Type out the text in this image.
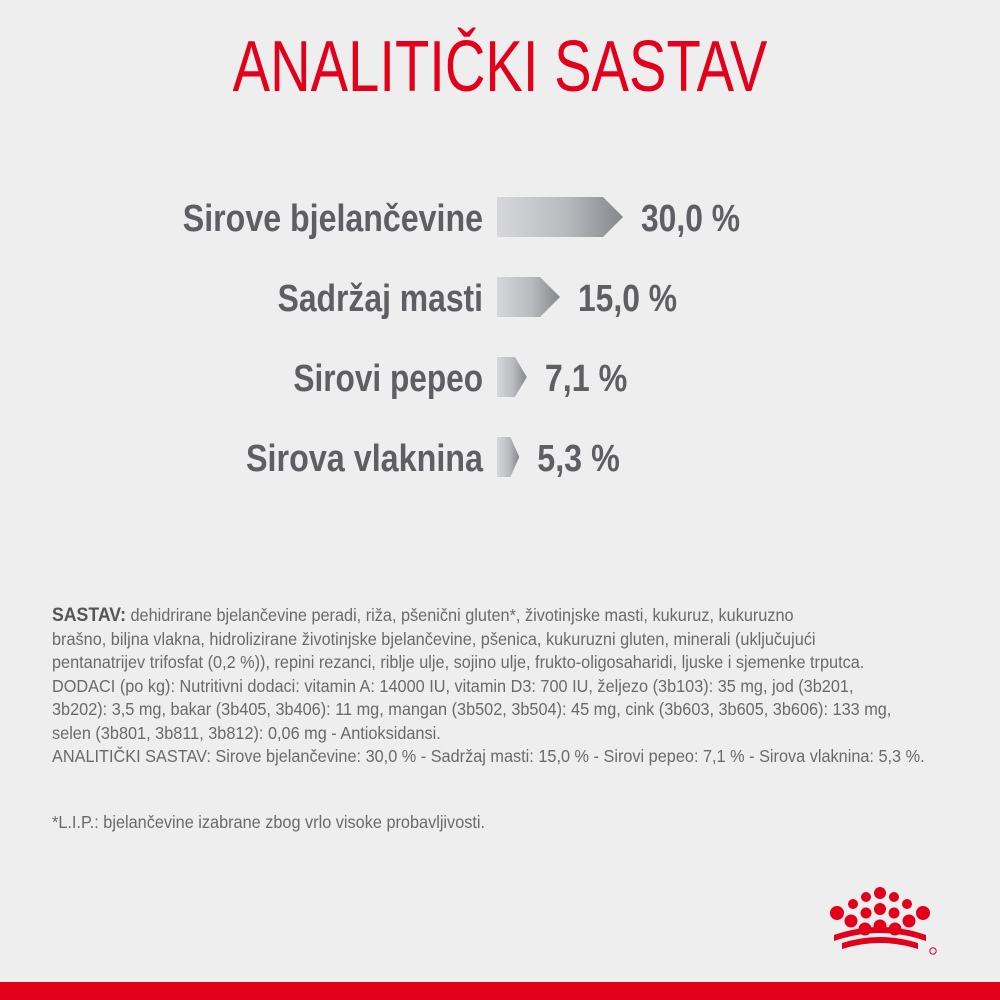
ANALITIČKI SASTAV
Sirove bjelančevine	30,0 %
Sadržaj masti	15,0 %
Sirovi pepeo 7,1 %
Sirova vlaknina 5,3 %

SASTAV: dehidrirane bjelančevine peradi, riža, pšenični gluten*, životinjske masti, kukuruz, kukuruzno

brašno, biljna vlakna, hidrolizirane životinjske bjelančevine, pšenica, kukuruzni gluten, minerali (uključujući

pentanatrijev trifosfat (0,2 %)), repini rezanci, riblje ulje, sojino ulje, frukto-oligosaharidi, ljuske i sjemenke trputca.

DODACI (po kg): Nutritivni dodaci: vitamin A: 14000 IU, vitamin D3: 700 IU, željezo (3b103): 35 mg, jod (3b201,

3b202): 3,5 mg, bakar (3b405, 3b406): 11 mg, mangan (3b502, 3b504): 45 mg, cink (3b603, 3b605, 3b606): 133 mg,

selen (3b801, 3b811, 3b812): 0,06 mg - Antioksidansi.

ANALITIČKI SASTAV: Sirove bjelančevine: 30,0 % - Sadržaj masti: 15,0 % - Sirovi pepeo: 7,1 % - Sirova vlaknina: 5,3 %.

*L.I.P.: bjelančevine izabrane zbog vrlo visoke probavljivosti.
